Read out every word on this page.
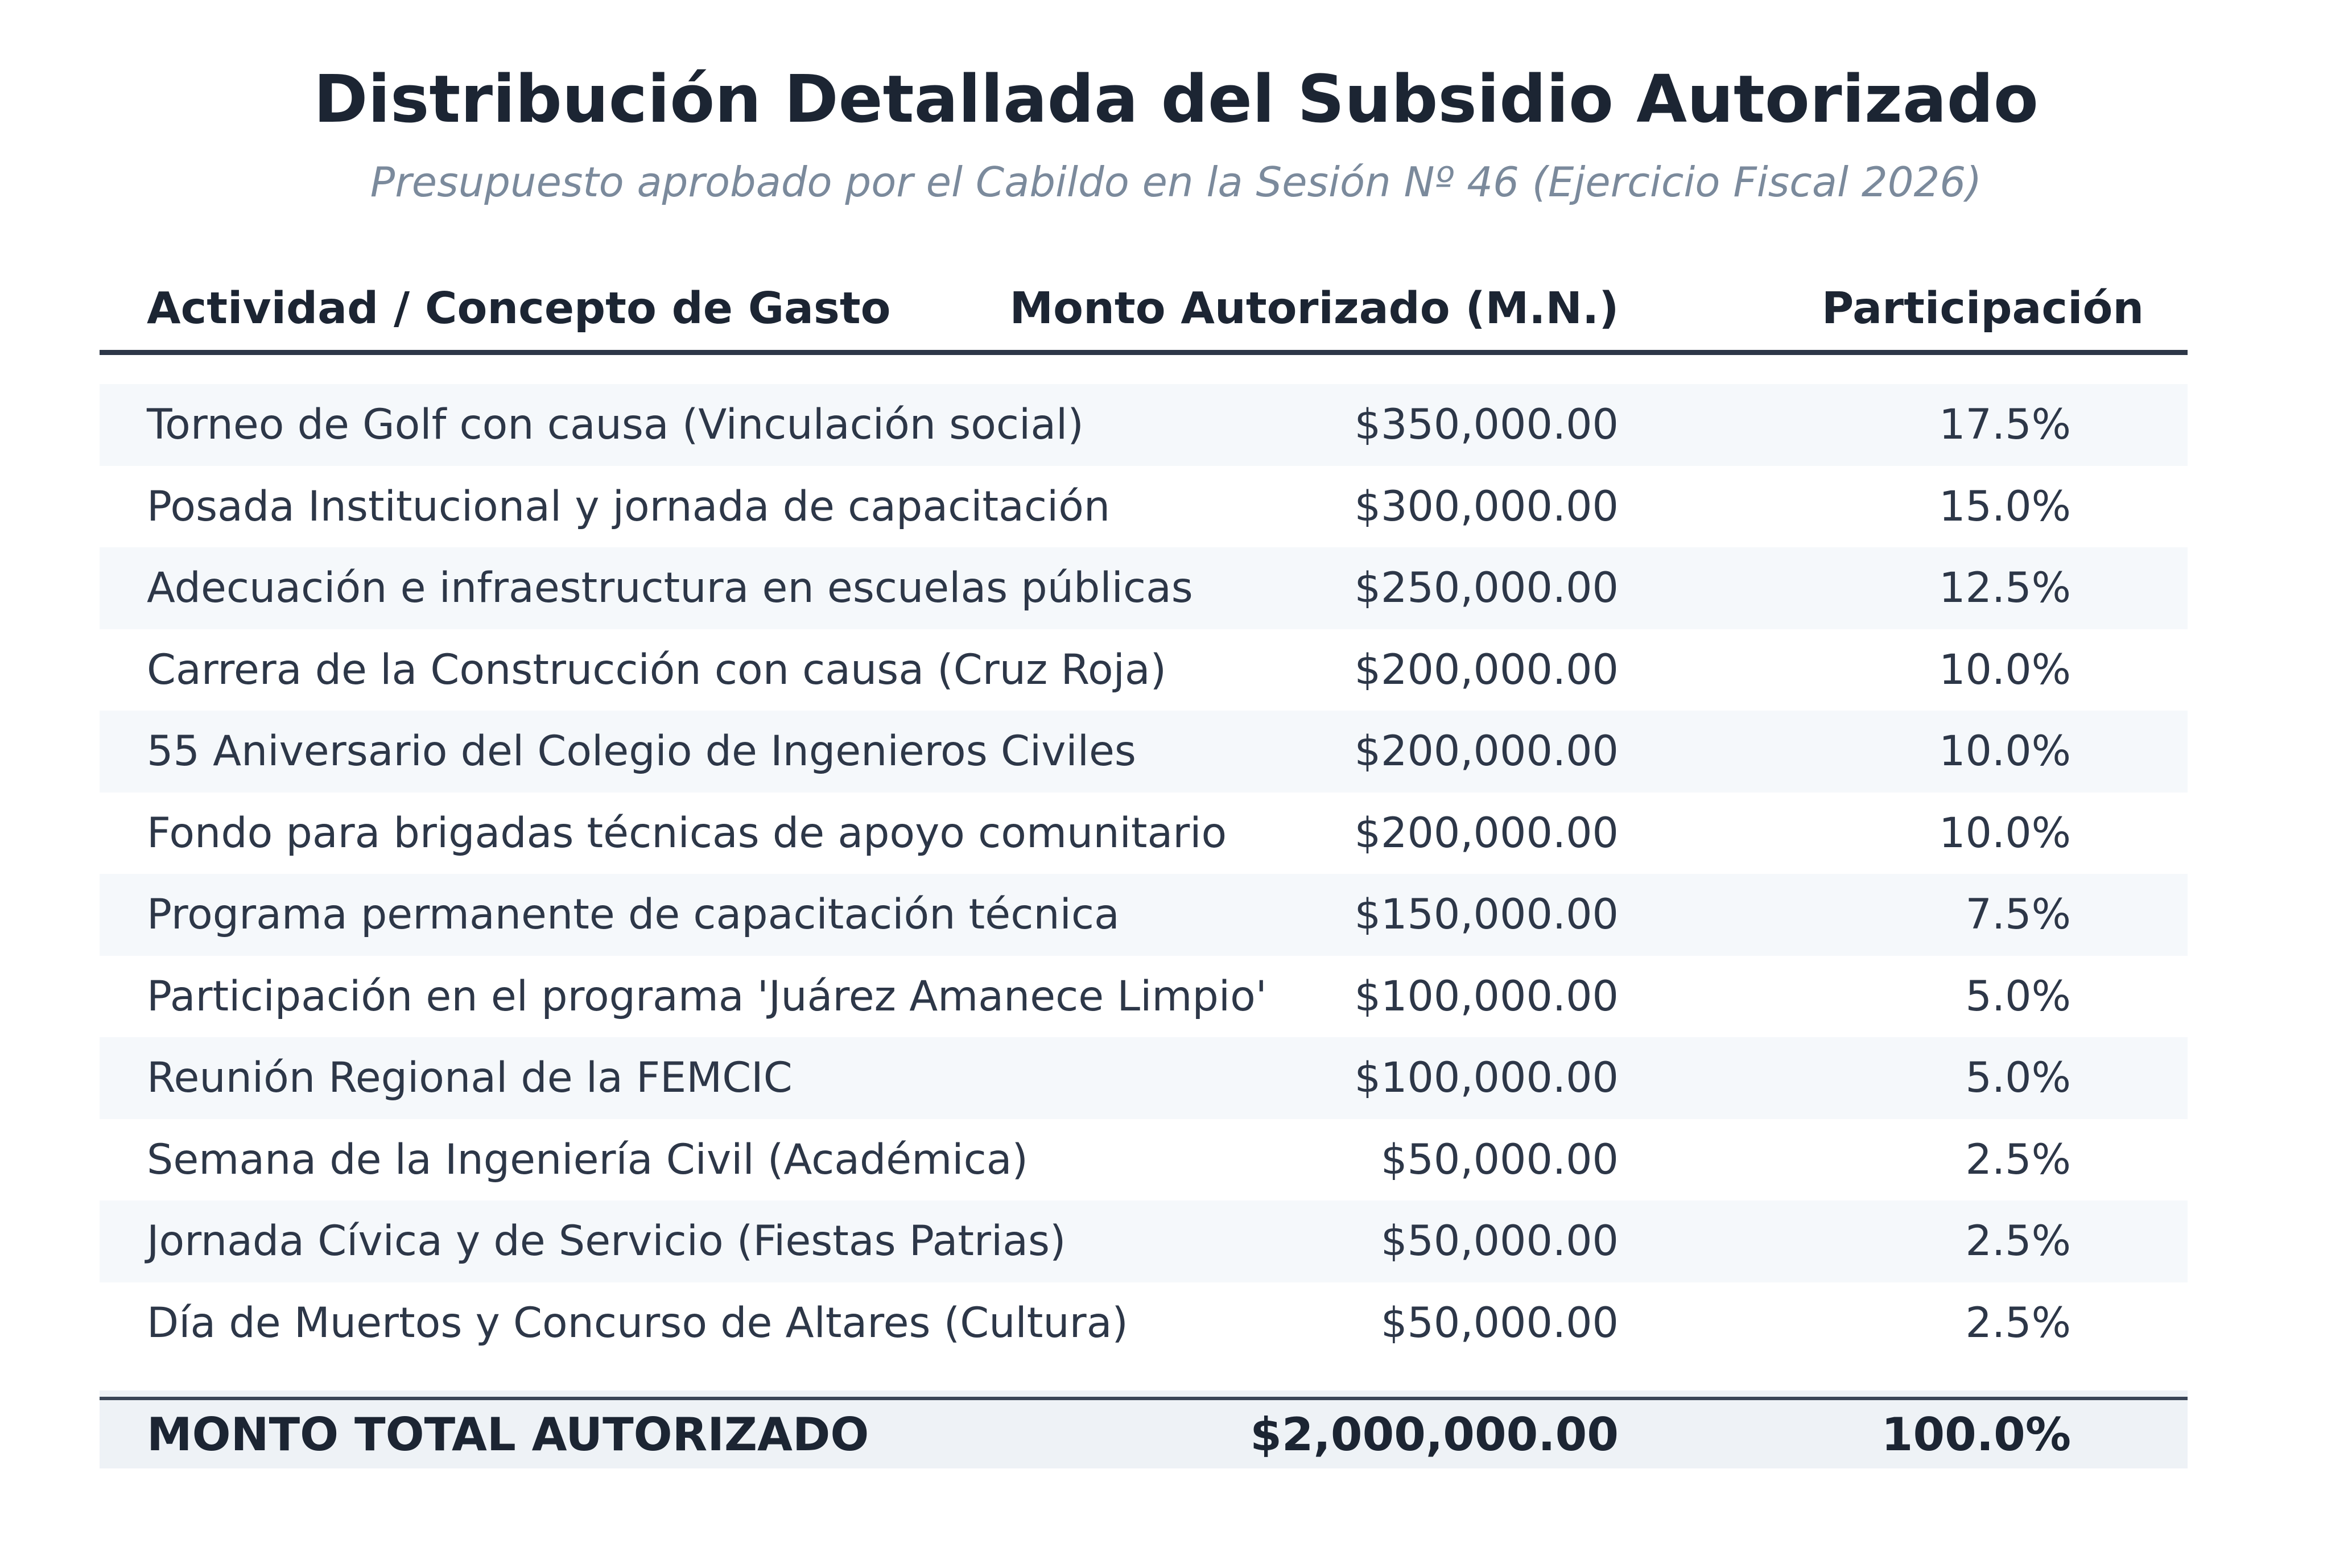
Distribución Detallada del Subsidio Autorizado
Presupuesto aprobado por el Cabildo en la Sesión Nº 46 (Ejercicio Fiscal 2026)
Actividad / Concepto de Gasto	Monto Autorizado (M.N.)	Participación
Torneo de Golf con causa (Vinculación social)	$350,000.00	17.5%
Posada Institucional y jornada de capacitación	$300,000.00	15.0%
Adecuación e infraestructura en escuelas públicas	$250,000.00	12.5%
Carrera de la Construcción con causa (Cruz Roja)	$200,000.00	10.0%
55 Aniversario del Colegio de Ingenieros Civiles	$200,000.00	10.0%
Fondo para brigadas técnicas de apoyo comunitario	$200,000.00	10.0%
Programa permanente de capacitación técnica	$150,000.00	7.5%
Participación en el programa 'Juárez Amanece Limpio' $100,000.00	5.0%
Reunión Regional de la FEMCIC	$100,000.00	5.0%
Semana de la Ingeniería Civil (Académica)	$50,000.00	2.5%
Jornada Cívica y de Servicio (Fiestas Patrias)	$50,000.00	2.5%
Día de Muertos y Concurso de Altares (Cultura)	$50,000.00	2.5%
MONTO TOTAL AUTORIZADO	$2,000,000.00	100.0%
